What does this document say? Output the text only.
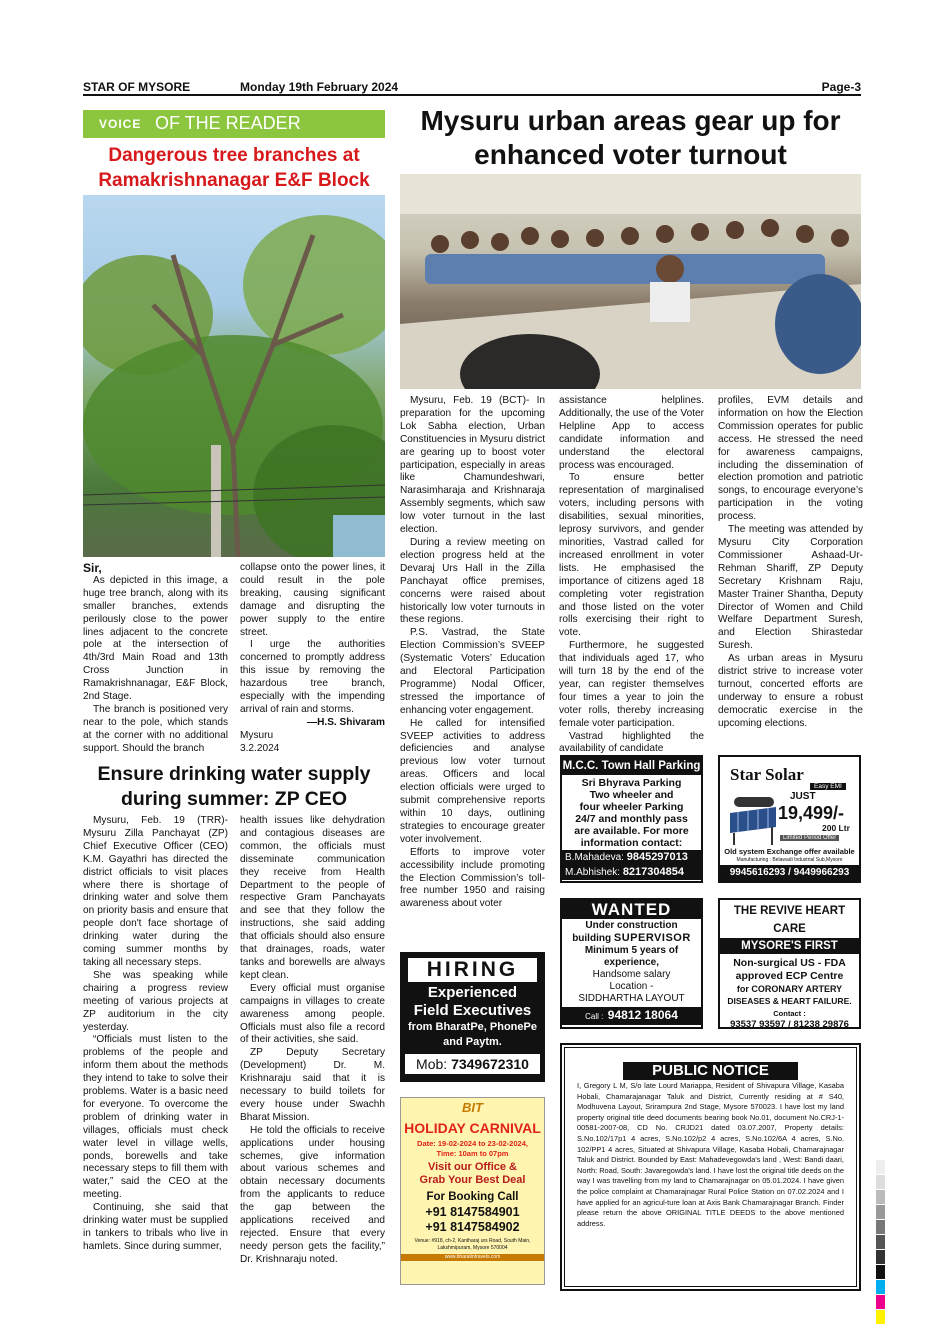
STAR OF MYSORE	Monday 19th February 2024	Page-3
VOICE OF THE READER
Dangerous tree branches at
Ramakrishnanagar E&F Block

Sir,

As depicted in this image, a huge tree branch, along with its smaller branches, extends perilously close to the power lines adjacent to the concrete pole at the intersection of 4th/3rd Main Road and 13th Cross Junction in Ramakrishnanagar, E&F Block, 2nd Stage.

The branch is positioned very near to the pole, which stands at the corner with no additional support. Should the branch

collapse onto the power lines, it could result in the pole breaking, causing significant damage and disrupting the power supply to the entire street.

I urge the authorities concerned to promptly address this issue by removing the hazardous tree branch, especially with the impending arrival of rain and storms.

—H.S. Shivaram

Mysuru

3.2.2024

Ensure drinking water supply
during summer: ZP CEO

Mysuru, Feb. 19 (TRR)- Mysuru Zilla Panchayat (ZP) Chief Executive Officer (CEO) K.M. Gayathri has directed the district officials to visit places where there is shortage of drinking water and solve them on priority basis and ensure that people don't face shortage of drinking water during the coming summer months by taking all necessary steps.

She was speaking while chairing a progress review meeting of various projects at ZP auditorium in the city yesterday.

“Officials must listen to the problems of the people and inform them about the methods they intend to take to solve their problems. Water is a basic need for everyone. To overcome the problem of drinking water in villages, officials must check water level in village wells, ponds, borewells and take necessary steps to fill them with water,” said the CEO at the meeting.

Continuing, she said that drinking water must be supplied in tankers to tribals who live in hamlets. Since during summer,

health issues like dehydration and contagious diseases are common, the officials must disseminate communication they receive from Health Department to the people of respective Gram Panchayats and see that they follow the instructions, she said adding that officials should also ensure that drainages, roads, water tanks and borewells are always kept clean.

Every official must organise campaigns in villages to create awareness among people. Officials must also file a record of their activities, she said.

ZP Deputy Secretary (Development) Dr. M. Krishnaraju said that it is necessary to build toilets for every house under Swachh Bharat Mission.

He told the officials to receive applications under housing schemes, give information about various schemes and obtain necessary documents from the applicants to reduce the gap between the applications received and rejected. Ensure that every needy person gets the facility,” Dr. Krishnaraju noted.

Mysuru urban areas gear up for
enhanced voter turnout

Mysuru, Feb. 19 (BCT)- In preparation for the upcoming Lok Sabha election, Urban Constituencies in Mysuru district are gearing up to boost voter participation, especially in areas like Chamundeshwari, Narasimharaja and Krishnaraja Assembly segments, which saw low voter turnout in the last election.

During a review meeting on election progress held at the Devaraj Urs Hall in the Zilla Panchayat office premises, concerns were raised about historically low voter turnouts in these regions.

P.S. Vastrad, the State Election Commission’s SVEEP (Systematic Voters’ Education and Electoral Participation Programme) Nodal Officer, stressed the importance of enhancing voter engagement.

He called for intensified SVEEP activities to address deficiencies and analyse previous low voter turnout areas. Officers and local election officials were urged to submit comprehensive reports within 10 days, outlining strategies to encourage greater voter involvement.

Efforts to improve voter accessibility include promoting the Election Commission’s toll-free number 1950 and raising awareness about voter

assistance helplines. Additionally, the use of the Voter Helpline App to access candidate information and understand the electoral process was encouraged.

To ensure better representation of marginalised voters, including persons with disabilities, sexual minorities, leprosy survivors, and gender minorities, Vastrad called for increased enrollment in voter lists. He emphasised the importance of citizens aged 18 completing voter registration and those listed on the voter rolls exercising their right to vote.

Furthermore, he suggested that individuals aged 17, who will turn 18 by the end of the year, can register themselves four times a year to join the voter rolls, thereby increasing female voter participation.

Vastrad highlighted the availability of candidate

profiles, EVM details and information on how the Election Commission operates for public access. He stressed the need for awareness campaigns, including the dissemination of election promotion and patriotic songs, to encourage everyone’s participation in the voting process.

The meeting was attended by Mysuru City Corporation Commissioner Ashaad-Ur-Rehman Shariff, ZP Deputy Secretary Krishnam Raju, Master Trainer Shantha, Deputy Director of Women and Child Welfare Department Suresh, and Election Shirastedar Suresh.

As urban areas in Mysuru district strive to increase voter turnout, concerted efforts are underway to ensure a robust democratic exercise in the upcoming elections.

HIRING
Experienced
Field Executives
from BharatPe, PhonePe
and Paytm.
Mob: 7349672310
BIT
HOLIDAY CARNIVAL
Date: 19-02-2024 to 23-02-2024,
Time: 10am to 07pm
Visit our Office &
Grab Your Best Deal
For Booking Call
+91 8147584901
+91 8147584902
Venue: #918, ch-2, Kantharaj urs Road, South Main, Lakshmipuram, Mysore 570004
www.bharatintravels.com
M.C.C. Town Hall Parking
Sri Bhyrava Parking
Two wheeler and
four wheeler Parking
24/7 and monthly pass
are available. For more
information contact:
B.Mahadeva: 9845297013
M.Abhishek: 8217304854
Star Solar
Easy EMI
JUST
19,499/-
200 Ltr
Limited Period Offer
Old system Exchange offer available
Manufacturing : Belawadi Industrial Sub,Mysore
9945616293 / 9449966293
WANTED
Under construction
building SUPERVISOR
Minimum 5 years of
experience,
Handsome salary
Location -
SIDDHARTHA LAYOUT
Call : 94812 18064
THE REVIVE HEART CARE
MYSORE'S FIRST
Non-surgical US - FDA
approved ECP Centre
for CORONARY ARTERY
DISEASES & HEART FAILURE.
Contact :
93537 93597 / 81238 29876
PUBLIC NOTICE
I, Gregory L M, S/o late Lourd Mariappa, Resident of Shivapura Village, Kasaba Hobali, Chamarajanagar Taluk and District, Currently residing at # S40, Modhuvena Layout, Srirampura 2nd Stage, Mysore 570023. I have lost my land property original title deed documents bearing book No.01, document No.CRJ-1-00581-2007-08, CD No. CRJD21 dated 03.07.2007, Property details: S.No.102/17p1 4 acres, S.No.102/p2 4 acres, S.No.102/6A 4 acres, S.No. 102/PP1 4 acres, Situated at Shivapura Village, Kasaba Hobali, Chamarajnagar Taluk and District. Bounded by East: Mahadevegowda's land , West: Bandi daari, North: Road, South: Javaregowda's land. I have lost the original title deeds on the way I was travelling from my land to Chamarajnagar on 05.01.2024. I have given the police complaint at Chamarajnagar Rural Police Station on 07.02.2024 and I have applied for an agricul-ture loan at Axis Bank Chamarajnagar Branch. Finder please return the above ORIGINAL TITLE DEEDS to the above mentioned address.
